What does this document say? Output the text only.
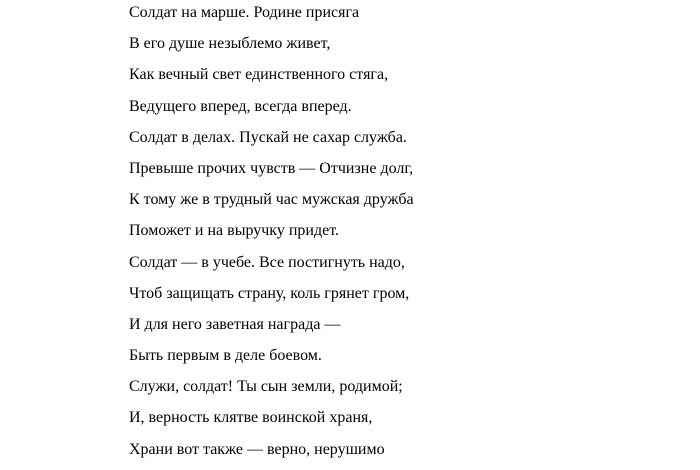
Солдат на марше. Родине присяга
В его душе незыблемо живет,
Как вечный свет единственного стяга,
Ведущего вперед, всегда вперед.
Солдат в делах. Пускай не сахар служба.
Превыше прочих чувств — Отчизне долг,
К тому же в трудный час мужская дружба
Поможет и на выручку придет.
Солдат — в учебе. Все постигнуть надо,
Чтоб защищать страну, коль грянет гром,
И для него заветная награда —
Быть первым в деле боевом.
Служи, солдат! Ты сын земли, родимой;
И, верность клятве воинской храня,
Храни вот также — верно, нерушимо
